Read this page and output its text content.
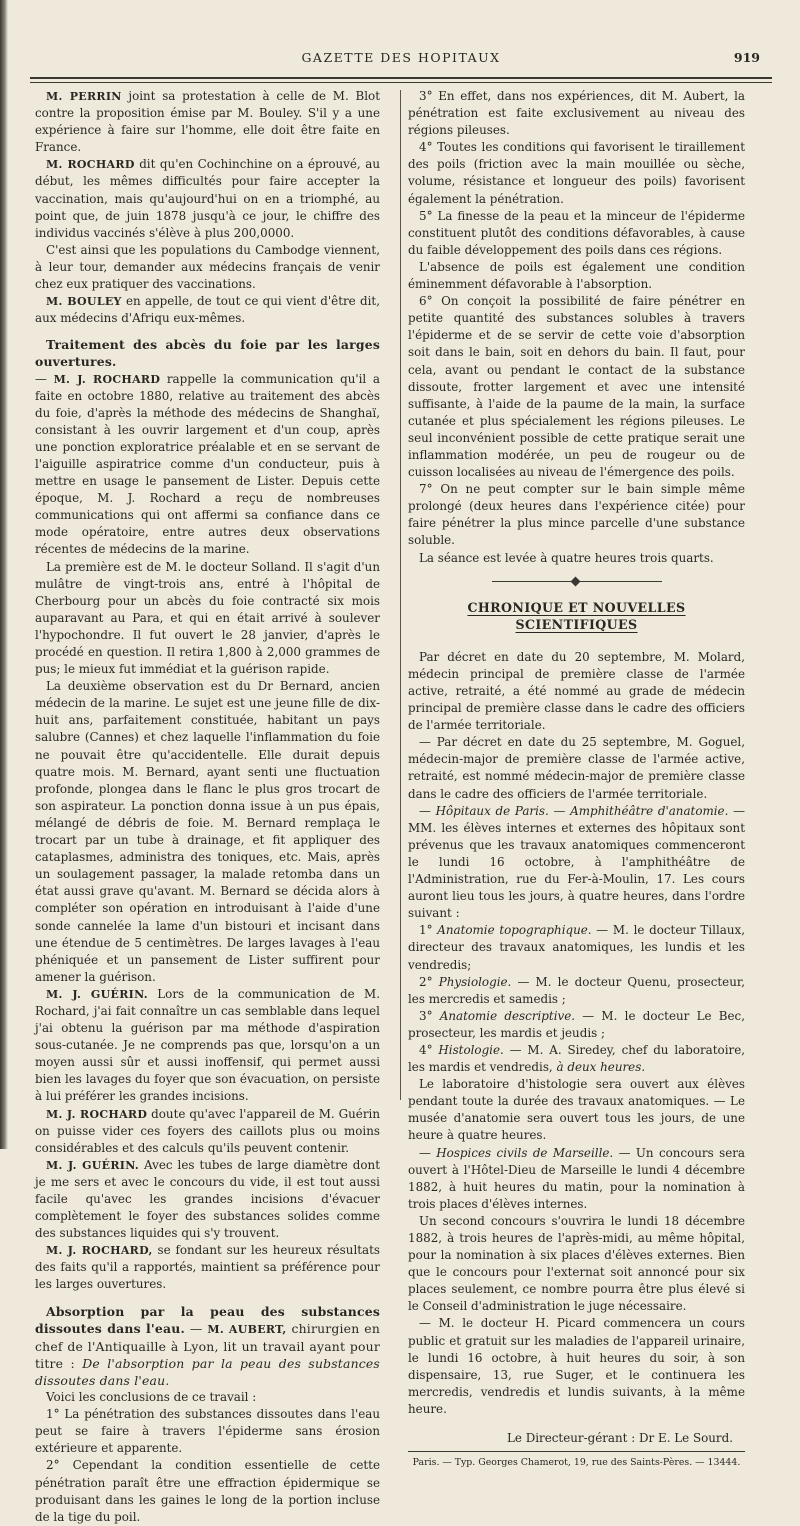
GAZETTE DES HOPITAUX	919

M. PERRIN joint sa protestation à celle de M. Blot contre la proposition émise par M. Bouley. S'il y a une expérience à faire sur l'homme, elle doit être faite en France.

M. ROCHARD dit qu'en Cochinchine on a éprouvé, au début, les mêmes difficultés pour faire accepter la vaccination, mais qu'aujourd'hui on en a triomphé, au point que, de juin 1878 jusqu'à ce jour, le chiffre des individus vaccinés s'élève à plus 200,0000.

C'est ainsi que les populations du Cambodge viennent, à leur tour, demander aux médecins français de venir chez eux pratiquer des vaccinations.

M. BOULEY en appelle, de tout ce qui vient d'être dit, aux médecins d'Afriqu eux-mêmes.

Traitement des abcès du foie par les larges ouvertures.

— M. J. ROCHARD rappelle la communication qu'il a faite en octobre 1880, relative au traitement des abcès du foie, d'après la méthode des médecins de Shanghaï, consistant à les ouvrir largement et d'un coup, après une ponction exploratrice préalable et en se servant de l'aiguille aspiratrice comme d'un conducteur, puis à mettre en usage le pansement de Lister. Depuis cette époque, M. J. Rochard a reçu de nombreuses communications qui ont affermi sa confiance dans ce mode opératoire, entre autres deux observations récentes de médecins de la marine.

La première est de M. le docteur Solland. Il s'agit d'un mulâtre de vingt-trois ans, entré à l'hôpital de Cherbourg pour un abcès du foie contracté six mois auparavant au Para, et qui en était arrivé à soulever l'hypochondre. Il fut ouvert le 28 janvier, d'après le procédé en question. Il retira 1,800 à 2,000 grammes de pus; le mieux fut immédiat et la guérison rapide.

La deuxième observation est du Dr Bernard, ancien médecin de la marine. Le sujet est une jeune fille de dix-huit ans, parfaitement constituée, habitant un pays salubre (Cannes) et chez laquelle l'inflammation du foie ne pouvait être qu'accidentelle. Elle durait depuis quatre mois. M. Bernard, ayant senti une fluctuation profonde, plongea dans le flanc le plus gros trocart de son aspirateur. La ponction donna issue à un pus épais, mélangé de débris de foie. M. Bernard remplaça le trocart par un tube à drainage, et fit appliquer des cataplasmes, administra des toniques, etc. Mais, après un soulagement passager, la malade retomba dans un état aussi grave qu'avant. M. Bernard se décida alors à compléter son opération en introduisant à l'aide d'une sonde cannelée la lame d'un bistouri et incisant dans une étendue de 5 centimètres. De larges lavages à l'eau phéniquée et un pansement de Lister suffirent pour amener la guérison.

M. J. GUÉRIN. Lors de la communication de M. Rochard, j'ai fait connaître un cas semblable dans lequel j'ai obtenu la guérison par ma méthode d'aspiration sous-cutanée. Je ne comprends pas que, lorsqu'on a un moyen aussi sûr et aussi inoffensif, qui permet aussi bien les lavages du foyer que son évacuation, on persiste à lui préférer les grandes incisions.

M. J. ROCHARD doute qu'avec l'appareil de M. Guérin on puisse vider ces foyers des caillots plus ou moins considérables et des calculs qu'ils peuvent contenir.

M. J. GUÉRIN. Avec les tubes de large diamètre dont je me sers et avec le concours du vide, il est tout aussi facile qu'avec les grandes incisions d'évacuer complètement le foyer des substances solides comme des substances liquides qui s'y trouvent.

M. J. ROCHARD, se fondant sur les heureux résultats des faits qu'il a rapportés, maintient sa préférence pour les larges ouvertures.

Absorption par la peau des substances dissoutes dans l'eau. — M. AUBERT, chirurgien en chef de l'Antiquaille à Lyon, lit un travail ayant pour titre : De l'absorption par la peau des substances dissoutes dans l'eau.

Voici les conclusions de ce travail :

1° La pénétration des substances dissoutes dans l'eau peut se faire à travers l'épiderme sans érosion extérieure et apparente.

2° Cependant la condition essentielle de cette pénétration paraît être une effraction épidermique se produisant dans les gaines le long de la portion incluse de la tige du poil.

3° En effet, dans nos expériences, dit M. Aubert, la pénétration est faite exclusivement au niveau des régions pileuses.

4° Toutes les conditions qui favorisent le tiraillement des poils (friction avec la main mouillée ou sèche, volume, résistance et longueur des poils) favorisent également la pénétration.

5° La finesse de la peau et la minceur de l'épiderme constituent plutôt des conditions défavorables, à cause du faible développement des poils dans ces régions.

L'absence de poils est également une condition éminemment défavorable à l'absorption.

6° On conçoit la possibilité de faire pénétrer en petite quantité des substances solubles à travers l'épiderme et de se servir de cette voie d'absorption soit dans le bain, soit en dehors du bain. Il faut, pour cela, avant ou pendant le contact de la substance dissoute, frotter largement et avec une intensité suffisante, à l'aide de la paume de la main, la surface cutanée et plus spécialement les régions pileuses. Le seul inconvénient possible de cette pratique serait une inflammation modérée, un peu de rougeur ou de cuisson localisées au niveau de l'émergence des poils.

7° On ne peut compter sur le bain simple même prolongé (deux heures dans l'expérience citée) pour faire pénétrer la plus mince parcelle d'une substance soluble.

La séance est levée à quatre heures trois quarts.

CHRONIQUE ET NOUVELLES SCIENTIFIQUES

Par décret en date du 20 septembre, M. Molard, médecin principal de première classe de l'armée active, retraité, a été nommé au grade de médecin principal de première classe dans le cadre des officiers de l'armée territoriale.

— Par décret en date du 25 septembre, M. Goguel, médecin-major de première classe de l'armée active, retraité, est nommé médecin-major de première classe dans le cadre des officiers de l'armée territoriale.

— Hôpitaux de Paris. — Amphithéâtre d'anatomie. — MM. les élèves internes et externes des hôpitaux sont prévenus que les travaux anatomiques commenceront le lundi 16 octobre, à l'amphithéâtre de l'Administration, rue du Fer-à-Moulin, 17. Les cours auront lieu tous les jours, à quatre heures, dans l'ordre suivant :

1° Anatomie topographique. — M. le docteur Tillaux, directeur des travaux anatomiques, les lundis et les vendredis;

2° Physiologie. — M. le docteur Quenu, prosecteur, les mercredis et samedis ;

3° Anatomie descriptive. — M. le docteur Le Bec, prosecteur, les mardis et jeudis ;

4° Histologie. — M. A. Siredey, chef du laboratoire, les mardis et vendredis, à deux heures.

Le laboratoire d'histologie sera ouvert aux élèves pendant toute la durée des travaux anatomiques. — Le musée d'anatomie sera ouvert tous les jours, de une heure à quatre heures.

— Hospices civils de Marseille. — Un concours sera ouvert à l'Hôtel-Dieu de Marseille le lundi 4 décembre 1882, à huit heures du matin, pour la nomination à trois places d'élèves internes.

Un second concours s'ouvrira le lundi 18 décembre 1882, à trois heures de l'après-midi, au même hôpital, pour la nomination à six places d'élèves externes. Bien que le concours pour l'externat soit annoncé pour six places seulement, ce nombre pourra être plus élevé si le Conseil d'administration le juge nécessaire.

— M. le docteur H. Picard commencera un cours public et gratuit sur les maladies de l'appareil urinaire, le lundi 16 octobre, à huit heures du soir, à son dispensaire, 13, rue Suger, et le continuera les mercredis, vendredis et lundis suivants, à la même heure.

Le Directeur-gérant : Dr E. Le Sourd.

Paris. — Typ. Georges Chamerot, 19, rue des Saints-Pères. — 13444.
